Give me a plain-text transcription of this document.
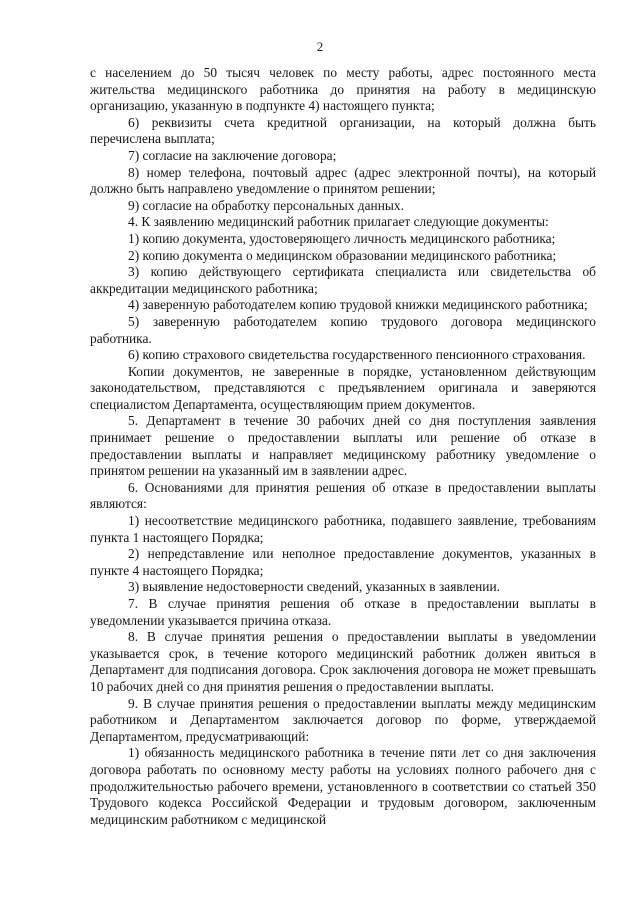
2

с населением до 50 тысяч человек по месту работы, адрес постоянного места жительства медицинского работника до принятия на работу в медицинскую организацию, указанную в подпункте 4) настоящего пункта;

6) реквизиты счета кредитной организации, на который должна быть перечислена выплата;

7) согласие на заключение договора;

8) номер телефона, почтовый адрес (адрес электронной почты), на который должно быть направлено уведомление о принятом решении;

9) согласие на обработку персональных данных.

4. К заявлению медицинский работник прилагает следующие документы:

1) копию документа, удостоверяющего личность медицинского работника;

2) копию документа о медицинском образовании медицинского работника;

3) копию действующего сертификата специалиста или свидетельства об аккредитации медицинского работника;

4) заверенную работодателем копию трудовой книжки медицинского работника;

5) заверенную работодателем копию трудового договора медицинского работника.

6) копию страхового свидетельства государственного пенсионного страхования.

Копии документов, не заверенные в порядке, установленном действующим законодательством, представляются с предъявлением оригинала и заверяются специалистом Департамента, осуществляющим прием документов.

5. Департамент в течение 30 рабочих дней со дня поступления заявления принимает решение о предоставлении выплаты или решение об отказе в предоставлении выплаты и направляет медицинскому работнику уведомление о принятом решении на указанный им в заявлении адрес.

6. Основаниями для принятия решения об отказе в предоставлении выплаты являются:

1) несоответствие медицинского работника, подавшего заявление, требованиям пункта 1 настоящего Порядка;

2) непредставление или неполное предоставление документов, указанных в пункте 4 настоящего Порядка;

3) выявление недостоверности сведений, указанных в заявлении.

7. В случае принятия решения об отказе в предоставлении выплаты в уведомлении указывается причина отказа.

8. В случае принятия решения о предоставлении выплаты в уведомлении указывается срок, в течение которого медицинский работник должен явиться в Департамент для подписания договора. Срок заключения договора не может превышать 10 рабочих дней со дня принятия решения о предоставлении выплаты.

9. В случае принятия решения о предоставлении выплаты между медицинским работником и Департаментом заключается договор по форме, утверждаемой Департаментом, предусматривающий:

1) обязанность медицинского работника в течение пяти лет со дня заключения договора работать по основному месту работы на условиях полного рабочего дня с продолжительностью рабочего времени, установленного в соответствии со статьей 350 Трудового кодекса Российской Федерации и трудовым договором, заключенным медицинским работником с медицинской
